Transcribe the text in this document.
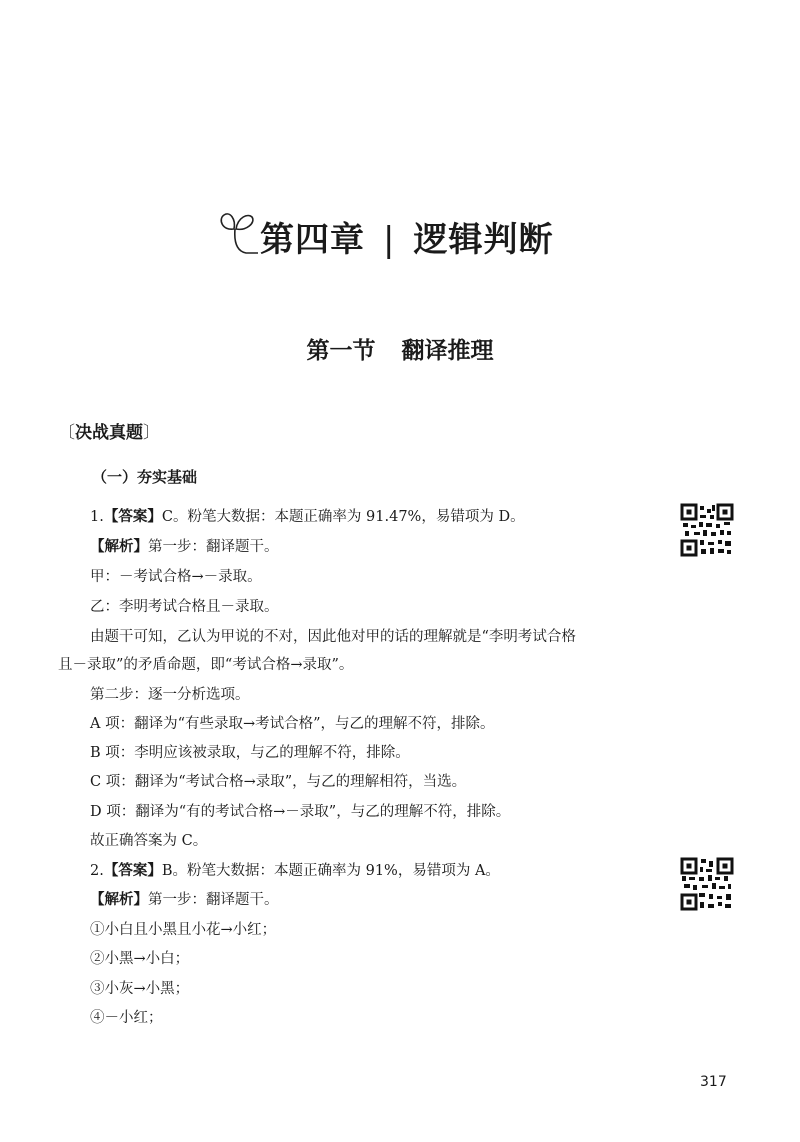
第四章 | 逻辑判断
第一节 翻译推理
〔决战真题〕
（一）夯实基础
1.【答案】C。粉笔大数据：本题正确率为 91.47%，易错项为 D。
【解析】第一步：翻译题干。
甲：－考试合格→－录取。
乙：李明考试合格且－录取。
由题干可知，乙认为甲说的不对，因此他对甲的话的理解就是“李明考试合格
且－录取”的矛盾命题，即“考试合格→录取”。
第二步：逐一分析选项。
A 项：翻译为“有些录取→考试合格”，与乙的理解不符，排除。
B 项：李明应该被录取，与乙的理解不符，排除。
C 项：翻译为“考试合格→录取”，与乙的理解相符，当选。
D 项：翻译为“有的考试合格→－录取”，与乙的理解不符，排除。
故正确答案为 C。
2.【答案】B。粉笔大数据：本题正确率为 91%，易错项为 A。
【解析】第一步：翻译题干。
①小白且小黑且小花→小红；
②小黑→小白；
③小灰→小黑；
④－小红；
317
